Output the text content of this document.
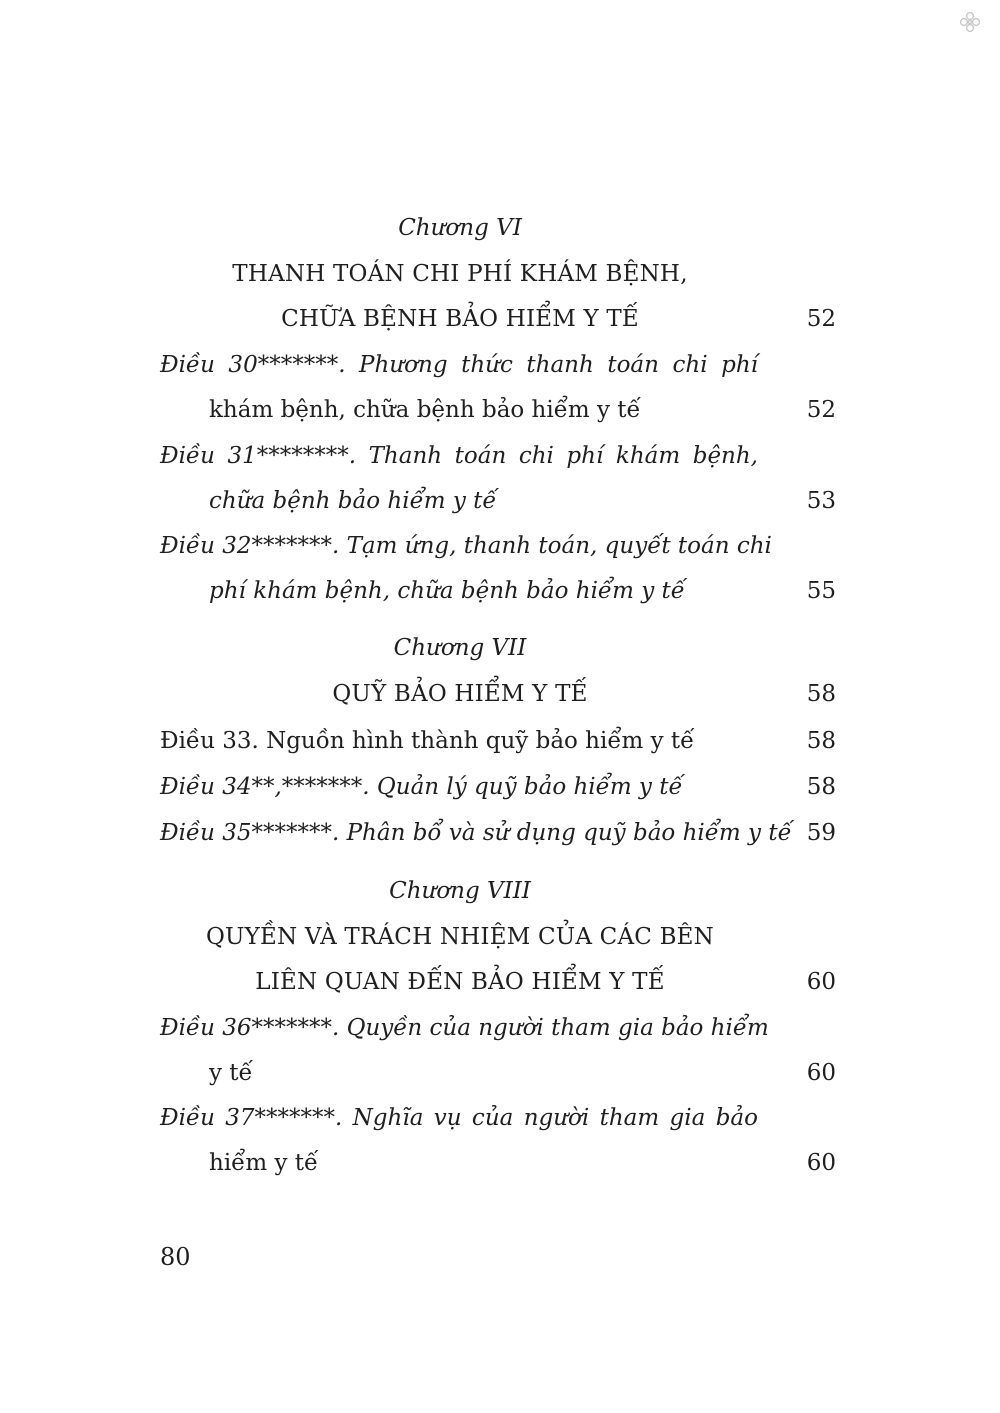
Chương VI
THANH TOÁN CHI PHÍ KHÁM BỆNH,
CHỮA BỆNH BẢO HIỂM Y TẾ	52
Điều 30*******. Phương thức thanh toán chi phí
khám bệnh, chữa bệnh bảo hiểm y tế	52
Điều 31********. Thanh toán chi phí khám bệnh,
chữa bệnh bảo hiểm y tế	53
Điều 32*******. Tạm ứng, thanh toán, quyết toán chi
phí khám bệnh, chữa bệnh bảo hiểm y tế	55
Chương VII
QUỸ BẢO HIỂM Y TẾ	58
Điều 33. Nguồn hình thành quỹ bảo hiểm y tế	58
Điều 34**,*******. Quản lý quỹ bảo hiểm y tế	58
Điều 35*******. Phân bổ và sử dụng quỹ bảo hiểm y tế 59
Chương VIII
QUYỀN VÀ TRÁCH NHIỆM CỦA CÁC BÊN
LIÊN QUAN ĐẾN BẢO HIỂM Y TẾ	60
Điều 36*******. Quyền của người tham gia bảo hiểm
y tế	60
Điều 37*******. Nghĩa vụ của người tham gia bảo
hiểm y tế	60
80
